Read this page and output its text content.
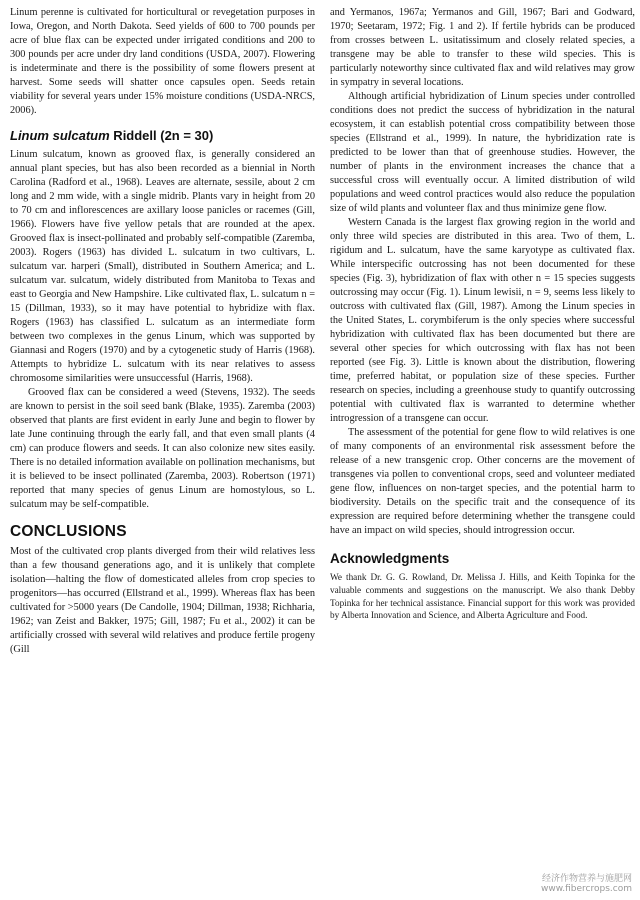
Linum perenne is cultivated for horticultural or revegetation purposes in Iowa, Oregon, and North Dakota. Seed yields of 600 to 700 pounds per acre of blue flax can be expected under irrigated conditions and 200 to 300 pounds per acre under dry land conditions (USDA, 2007). Flowering is indeterminate and there is the possibility of some flowers present at harvest. Some seeds will shatter once capsules open. Seeds retain viability for several years under 15% moisture conditions (USDA-NRCS, 2006).

Linum sulcatum Riddell (2n = 30)

Linum sulcatum, known as grooved flax, is generally considered an annual plant species, but has also been recorded as a biennial in North Carolina (Radford et al., 1968). Leaves are alternate, sessile, about 2 cm long and 2 mm wide, with a single midrib. Plants vary in height from 20 to 70 cm and inflorescences are axillary loose panicles or racemes (Gill, 1966). Flowers have five yellow petals that are rounded at the apex. Grooved flax is insect-pollinated and probably self-compatible (Zaremba, 2003). Rogers (1963) has divided L. sulcatum in two cultivars, L. sulcatum var. harperi (Small), distributed in Southern America; and L. sulcatum var. sulcatum, widely distributed from Manitoba to Texas and east to Georgia and New Hampshire. Like cultivated flax, L. sulcatum n = 15 (Dillman, 1933), so it may have potential to hybridize with flax. Rogers (1963) has classified L. sulcatum as an intermediate form between two complexes in the genus Linum, which was supported by Giannasi and Rogers (1970) and by a cytogenetic study of Harris (1968). Attempts to hybridize L. sulcatum with its near relatives to assess chromosome similarities were unsuccessful (Harris, 1968).

Grooved flax can be considered a weed (Stevens, 1932). The seeds are known to persist in the soil seed bank (Blake, 1935). Zaremba (2003) observed that plants are first evident in early June and begin to flower by late June continuing through the early fall, and that even small plants (4 cm) can produce flowers and seeds. It can also colonize new sites easily. There is no detailed information available on pollination mechanisms, but it is believed to be insect pollinated (Zaremba, 2003). Robertson (1971) reported that many species of genus Linum are homostylous, so L. sulcatum may be self-compatible.

CONCLUSIONS

Most of the cultivated crop plants diverged from their wild relatives less than a few thousand generations ago, and it is unlikely that complete isolation—halting the flow of domesticated alleles from crop species to progenitors—has occurred (Ellstrand et al., 1999). Whereas flax has been cultivated for >5000 years (De Candolle, 1904; Dillman, 1938; Richharia, 1962; van Zeist and Bakker, 1975; Gill, 1987; Fu et al., 2002) it can be artificially crossed with several wild relatives and produce fertile progeny (Gill

and Yermanos, 1967a; Yermanos and Gill, 1967; Bari and Godward, 1970; Seetaram, 1972; Fig. 1 and 2). If fertile hybrids can be produced from crosses between L. usitatissimum and closely related species, a transgene may be able to transfer to these wild species. This is particularly noteworthy since cultivated flax and wild relatives may grow in sympatry in several locations.

Although artificial hybridization of Linum species under controlled conditions does not predict the success of hybridization in the natural ecosystem, it can establish potential cross compatibility between those species (Ellstrand et al., 1999). In nature, the hybridization rate is predicted to be lower than that of greenhouse studies. However, the number of plants in the environment increases the chance that a successful cross will eventually occur. A limited distribution of wild populations and weed control practices would also reduce the population size of wild plants and volunteer flax and thus minimize gene flow.

Western Canada is the largest flax growing region in the world and only three wild species are distributed in this area. Two of them, L. rigidum and L. sulcatum, have the same karyotype as cultivated flax. While interspecific outcrossing has not been documented for these species (Fig. 3), hybridization of flax with other n = 15 species suggests outcrossing may occur (Fig. 1). Linum lewisii, n = 9, seems less likely to outcross with cultivated flax (Gill, 1987). Among the Linum species in the United States, L. corymbiferum is the only species where successful hybridization with cultivated flax has been documented but there are several other species for which outcrossing with flax has not been reported (see Fig. 3). Little is known about the distribution, flowering time, preferred habitat, or population size of these species. Further research on species, including a greenhouse study to quantify outcrossing potential with cultivated flax is warranted to determine whether introgression of a transgene can occur.

The assessment of the potential for gene flow to wild relatives is one of many components of an environmental risk assessment before the release of a new transgenic crop. Other concerns are the movement of transgenes via pollen to conventional crops, seed and volunteer mediated gene flow, influences on non-target species, and the potential harm to biodiversity. Details on the specific trait and the consequence of its expression are required before determining whether the transgene could have an impact on wild species, should introgression occur.

Acknowledgments

We thank Dr. G. G. Rowland, Dr. Melissa J. Hills, and Keith Topinka for the valuable comments and suggestions on the manuscript. We also thank Debby Topinka for her technical assistance. Financial support for this work was provided by Alberta Innovation and Science, and Alberta Agriculture and Food.

经济作物营养与施肥网
www.fibercrops.com
